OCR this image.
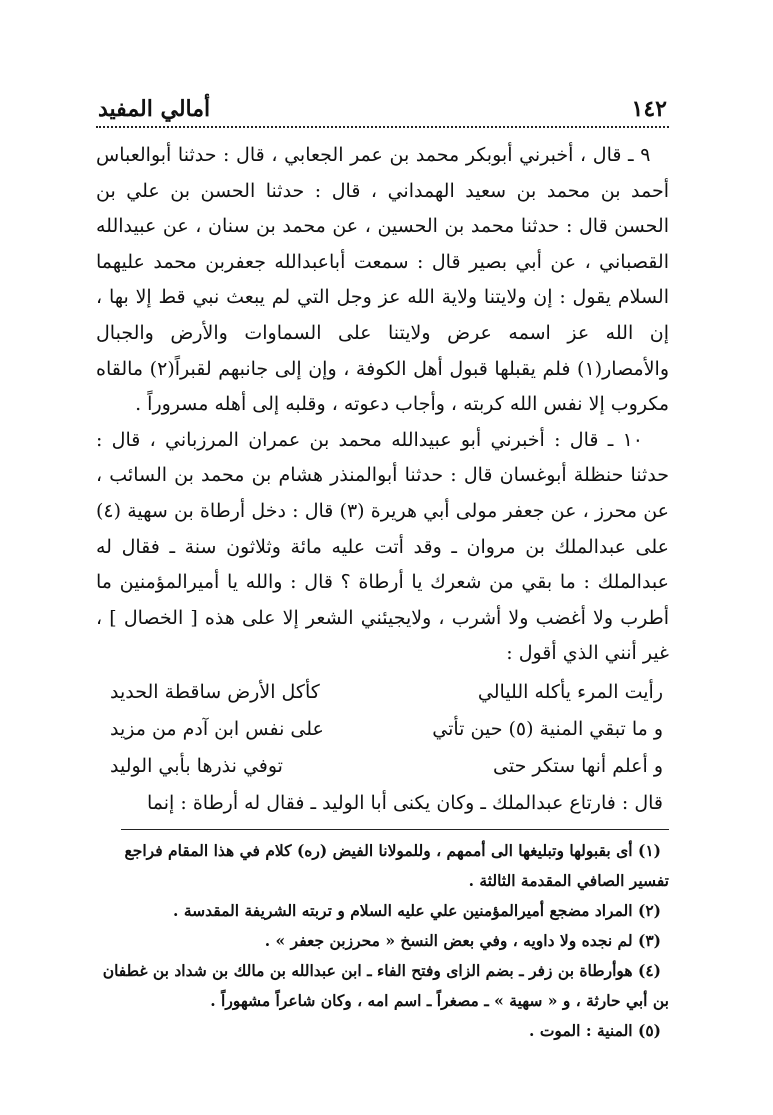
١٤٢
أمالي المفيد

٩ ـ قال ، أخبرني أبوبكر محمد بن عمر الجعابي ، قال : حدثنا أبوالعباس أحمد بن محمد بن سعيد الهمداني ، قال : حدثنا الحسن بن علي بن الحسن قال : حدثنا محمد بن الحسين ، عن محمد بن سنان ، عن عبيدالله القصباني ، عن أبي بصير قال : سمعت أباعبدالله جعفربن محمد عليهما السلام يقول : إن ولايتنا ولاية الله عز وجل التي لم يبعث نبي قط إلا بها ، إن الله عز اسمه عرض ولايتنا على السماوات والأرض والجبال والأمصار(١) فلم يقبلها قبول أهل الكوفة ، وإن إلى جانبهم لقبراً(٢) مالقاه مكروب إلا نفس الله كربته ، وأجاب دعوته ، وقلبه إلى أهله مسروراً .

١٠ ـ قال : أخبرني أبو عبيدالله محمد بن عمران المرزباني ، قال : حدثنا حنظلة أبوغسان قال : حدثنا أبوالمنذر هشام بن محمد بن السائب ، عن محرز ، عن جعفر مولى أبي هريرة (٣) قال : دخل أرطاة بن سهية (٤) على عبدالملك بن مروان ـ وقد أتت عليه مائة وثلاثون سنة ـ فقال له عبدالملك : ما بقي من شعرك يا أرطاة ؟ قال : والله يا أميرالمؤمنين ما أطرب ولا أغضب ولا أشرب ، ولايجيئني الشعر إلا على هذه [ الخصال ] ، غير أنني الذي أقول :

رأيت المرء يأكله الليالي
كأكل الأرض ساقطة الحديد
و ما تبقي المنية (٥) حين تأتي
على نفس ابن آدم من مزيد
و أعلم أنها ستكر حتى
توفي نذرها بأبي الوليد
قال : فارتاع عبدالملك ـ وكان يكنى أبا الوليد ـ فقال له أرطاة : إنما

(١) أى بقبولها وتبليغها الى أممهم ، وللمولانا الفيض (ره) كلام في هذا المقام فراجع تفسير الصافي المقدمة الثالثة .

(٢) المراد مضجع أميرالمؤمنين علي عليه السلام و تربته الشريفة المقدسة .

(٣) لم نجده ولا داويه ، وفي بعض النسخ « محرزبن جعفر » .

(٤) هوأرطاة بن زفر ـ بضم الزاى وفتح الفاء ـ ابن عبدالله بن مالك بن شداد بن غطفان بن أبي حارثة ، و « سهية » ـ مصغراً ـ اسم امه ، وكان شاعراً مشهوراً .

(٥) المنية : الموت .
